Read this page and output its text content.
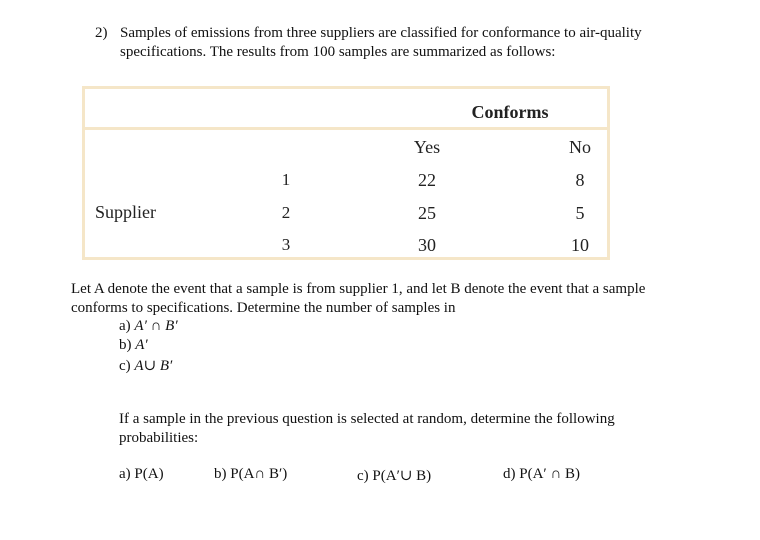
2) Samples of emissions from three suppliers are classified for conformance to air-quality
specifications. The results from 100 samples are summarized as follows:
Conforms
Yes	No
Supplier
1	22	8
2	25	5
3	30	10
Let A denote the event that a sample is from supplier 1, and let B denote the event that a sample
conforms to specifications. Determine the number of samples in
a) A′ ∩ B′
b) A′
c) A∪ B′
If a sample in the previous question is selected at random, determine the following
probabilities:
a) P(A)	b) P(A∩ B′)	c) P(A′∪ B)	d) P(A′ ∩ B)
